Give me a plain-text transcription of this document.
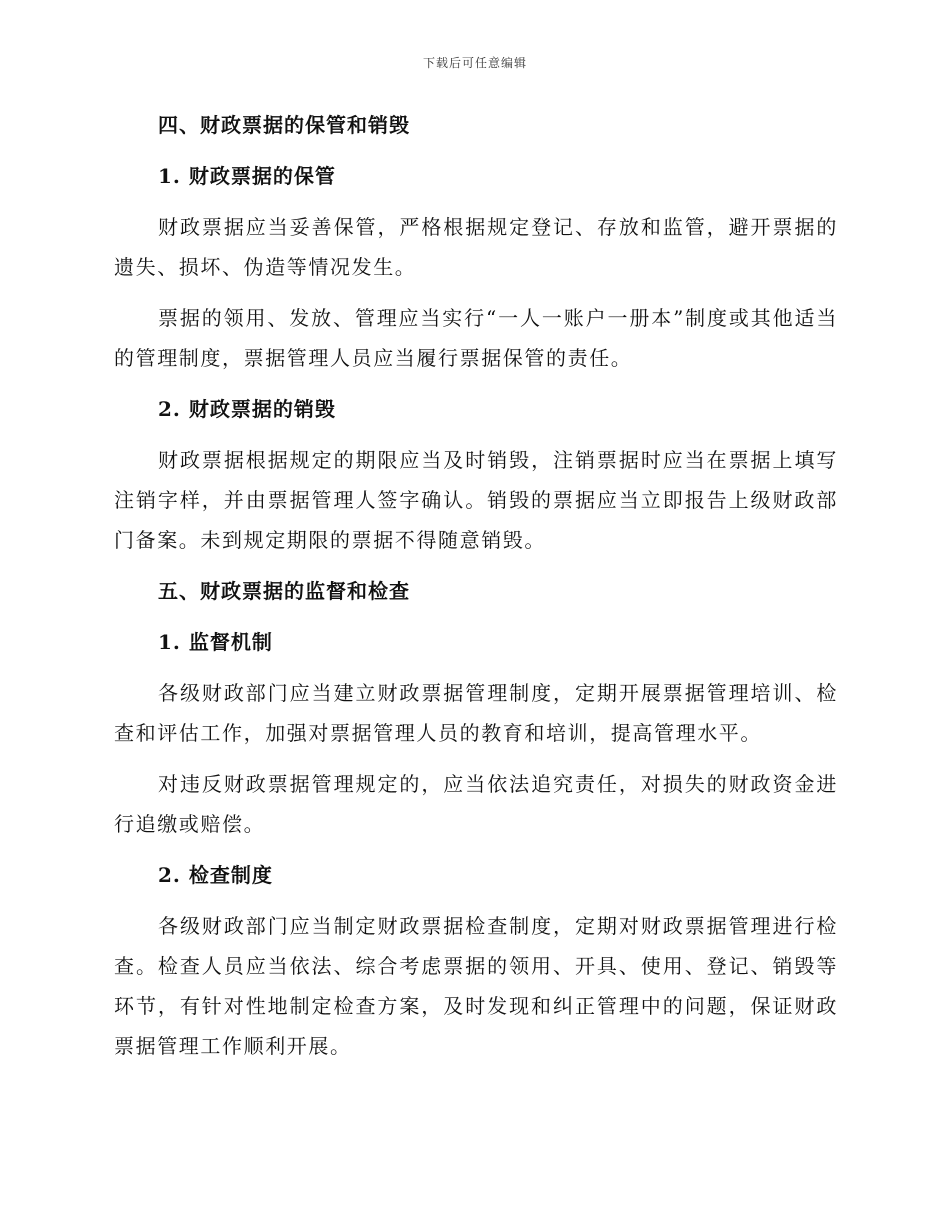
下载后可任意编辑
四、财政票据的保管和销毁
1. 财政票据的保管

财政票据应当妥善保管，严格根据规定登记、存放和监管，避开票据的遗失、损坏、伪造等情况发生。

票据的领用、发放、管理应当实行“一人一账户一册本”制度或其他适当的管理制度，票据管理人员应当履行票据保管的责任。

2. 财政票据的销毁

财政票据根据规定的期限应当及时销毁，注销票据时应当在票据上填写注销字样，并由票据管理人签字确认。销毁的票据应当立即报告上级财政部门备案。未到规定期限的票据不得随意销毁。

五、财政票据的监督和检查
1. 监督机制

各级财政部门应当建立财政票据管理制度，定期开展票据管理培训、检查和评估工作，加强对票据管理人员的教育和培训，提高管理水平。

对违反财政票据管理规定的，应当依法追究责任，对损失的财政资金进行追缴或赔偿。

2. 检查制度

各级财政部门应当制定财政票据检查制度，定期对财政票据管理进行检查。检查人员应当依法、综合考虑票据的领用、开具、使用、登记、销毁等环节，有针对性地制定检查方案，及时发现和纠正管理中的问题，保证财政票据管理工作顺利开展。
